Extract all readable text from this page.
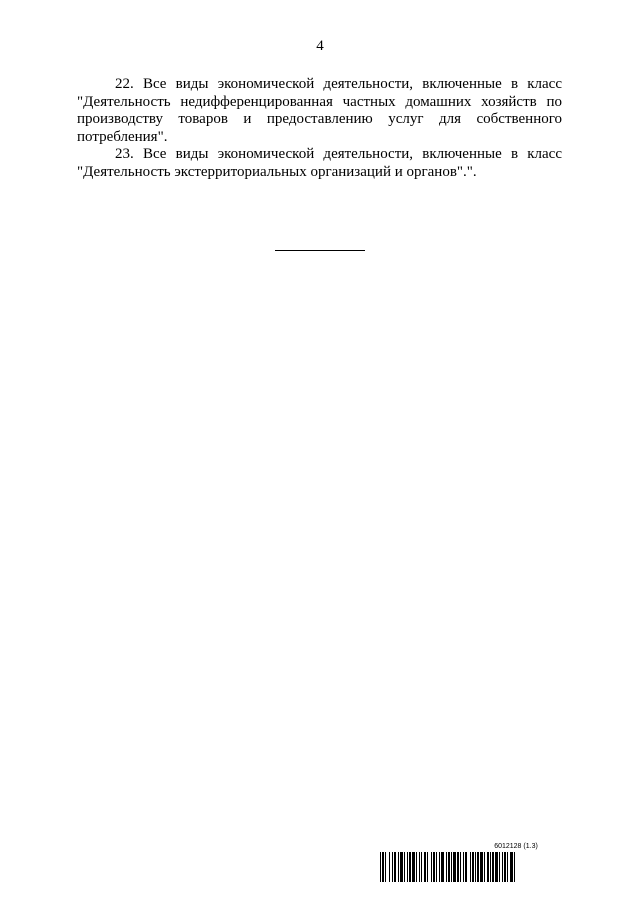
4

22. Все виды экономической деятельности, включенные в класс "Деятельность недифференцированная частных домашних хозяйств по производству товаров и предоставлению услуг для собственного потребления".

23. Все виды экономической деятельности, включенные в класс "Деятельность экстерриториальных организаций и органов".".

6012128 (1.3)
